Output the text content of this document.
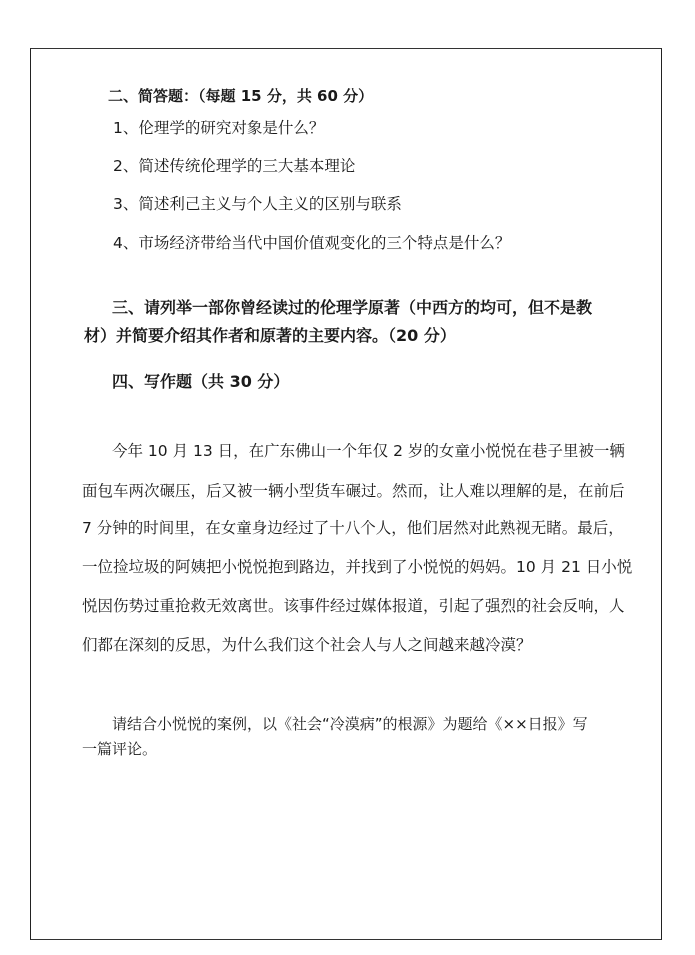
二、简答题：（每题 15 分，共 60 分）
1、伦理学的研究对象是什么？
2、简述传统伦理学的三大基本理论
3、简述利己主义与个人主义的区别与联系
4、市场经济带给当代中国价值观变化的三个特点是什么？
三、请列举一部你曾经读过的伦理学原著（中西方的均可，但不是教
材）并简要介绍其作者和原著的主要内容。（20 分）
四、写作题（共 30 分）
今年 10 月 13 日，在广东佛山一个年仅 2 岁的女童小悦悦在巷子里被一辆
面包车两次碾压，后又被一辆小型货车碾过。然而，让人难以理解的是，在前后
7 分钟的时间里，在女童身边经过了十八个人，他们居然对此熟视无睹。最后，
一位捡垃圾的阿姨把小悦悦抱到路边，并找到了小悦悦的妈妈。10 月 21 日小悦
悦因伤势过重抢救无效离世。该事件经过媒体报道，引起了强烈的社会反响，人
们都在深刻的反思，为什么我们这个社会人与人之间越来越冷漠？
请结合小悦悦的案例，以《社会“冷漠病”的根源》为题给《××日报》写
一篇评论。
